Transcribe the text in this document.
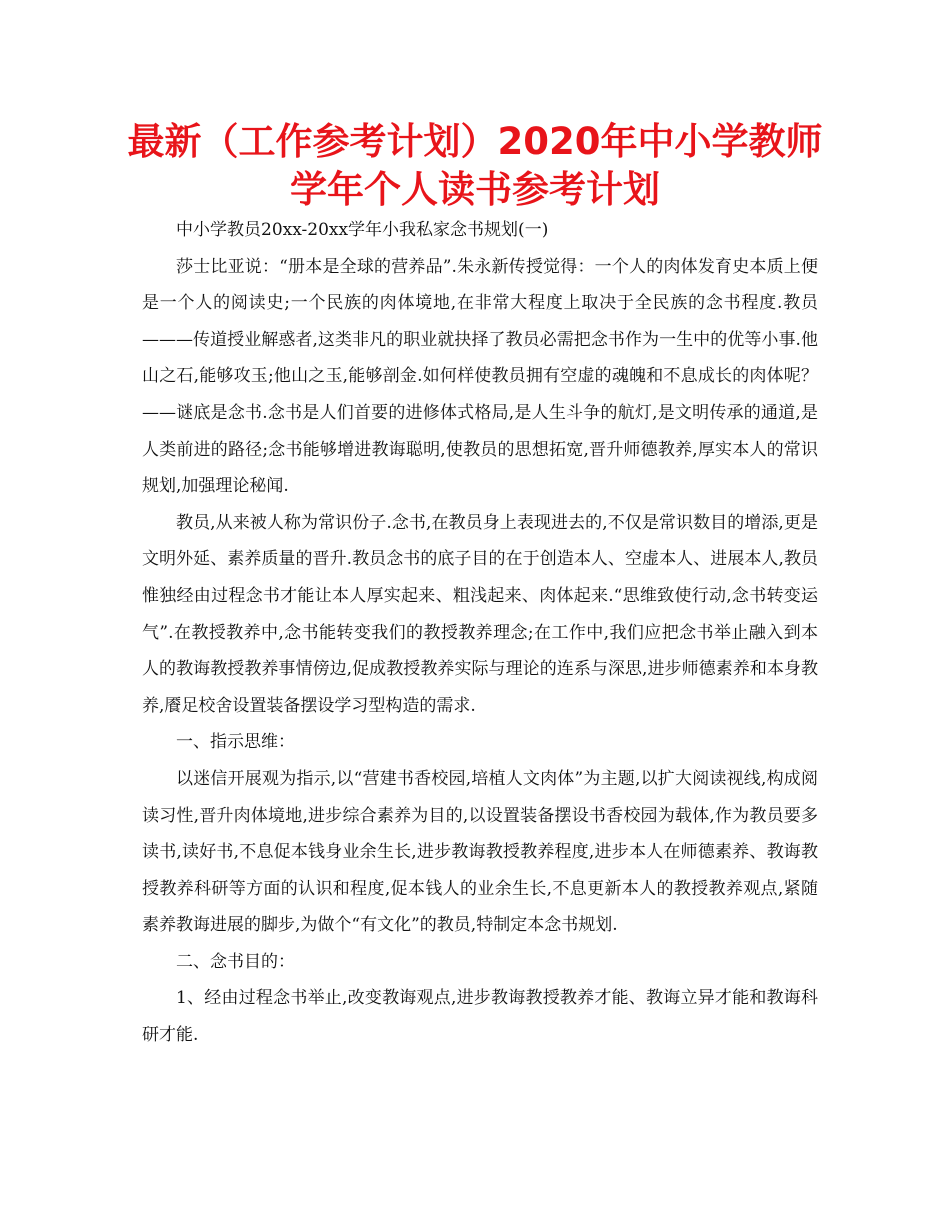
最新（工作参考计划）2020年中小学教师
学年个人读书参考计划

中小学教员20xx-20xx学年小我私家念书规划(一)

莎士比亚说：“册本是全球的营养品”.朱永新传授觉得：一个人的肉体发育史本质上便是一个人的阅读史;一个民族的肉体境地,在非常大程度上取决于全民族的念书程度.教员———传道授业解惑者,这类非凡的职业就抉择了教员必需把念书作为一生中的优等小事.他山之石,能够攻玉;他山之玉,能够剖金.如何样使教员拥有空虚的魂魄和不息成长的肉体呢？——谜底是念书.念书是人们首要的进修体式格局,是人生斗争的航灯,是文明传承的通道,是人类前进的路径;念书能够增进教诲聪明,使教员的思想拓宽,晋升师德教养,厚实本人的常识规划,加强理论秘闻.

教员,从来被人称为常识份子.念书,在教员身上表现进去的,不仅是常识数目的增添,更是文明外延、素养质量的晋升.教员念书的底子目的在于创造本人、空虚本人、进展本人,教员惟独经由过程念书才能让本人厚实起来、粗浅起来、肉体起来.“思维致使行动,念书转变运气”.在教授教养中,念书能转变我们的教授教养理念;在工作中,我们应把念书举止融入到本人的教诲教授教养事情傍边,促成教授教养实际与理论的连系与深思,进步师德素养和本身教养,餍足校舍设置装备摆设学习型构造的需求.

一、指示思维：

以迷信开展观为指示,以“营建书香校园,培植人文肉体”为主题,以扩大阅读视线,构成阅读习性,晋升肉体境地,进步综合素养为目的,以设置装备摆设书香校园为载体,作为教员要多读书,读好书,不息促本钱身业余生长,进步教诲教授教养程度,进步本人在师德素养、教诲教授教养科研等方面的认识和程度,促本钱人的业余生长,不息更新本人的教授教养观点,紧随素养教诲进展的脚步,为做个“有文化”的教员,特制定本念书规划.

二、念书目的：

1、经由过程念书举止,改变教诲观点,进步教诲教授教养才能、教诲立异才能和教诲科研才能.
